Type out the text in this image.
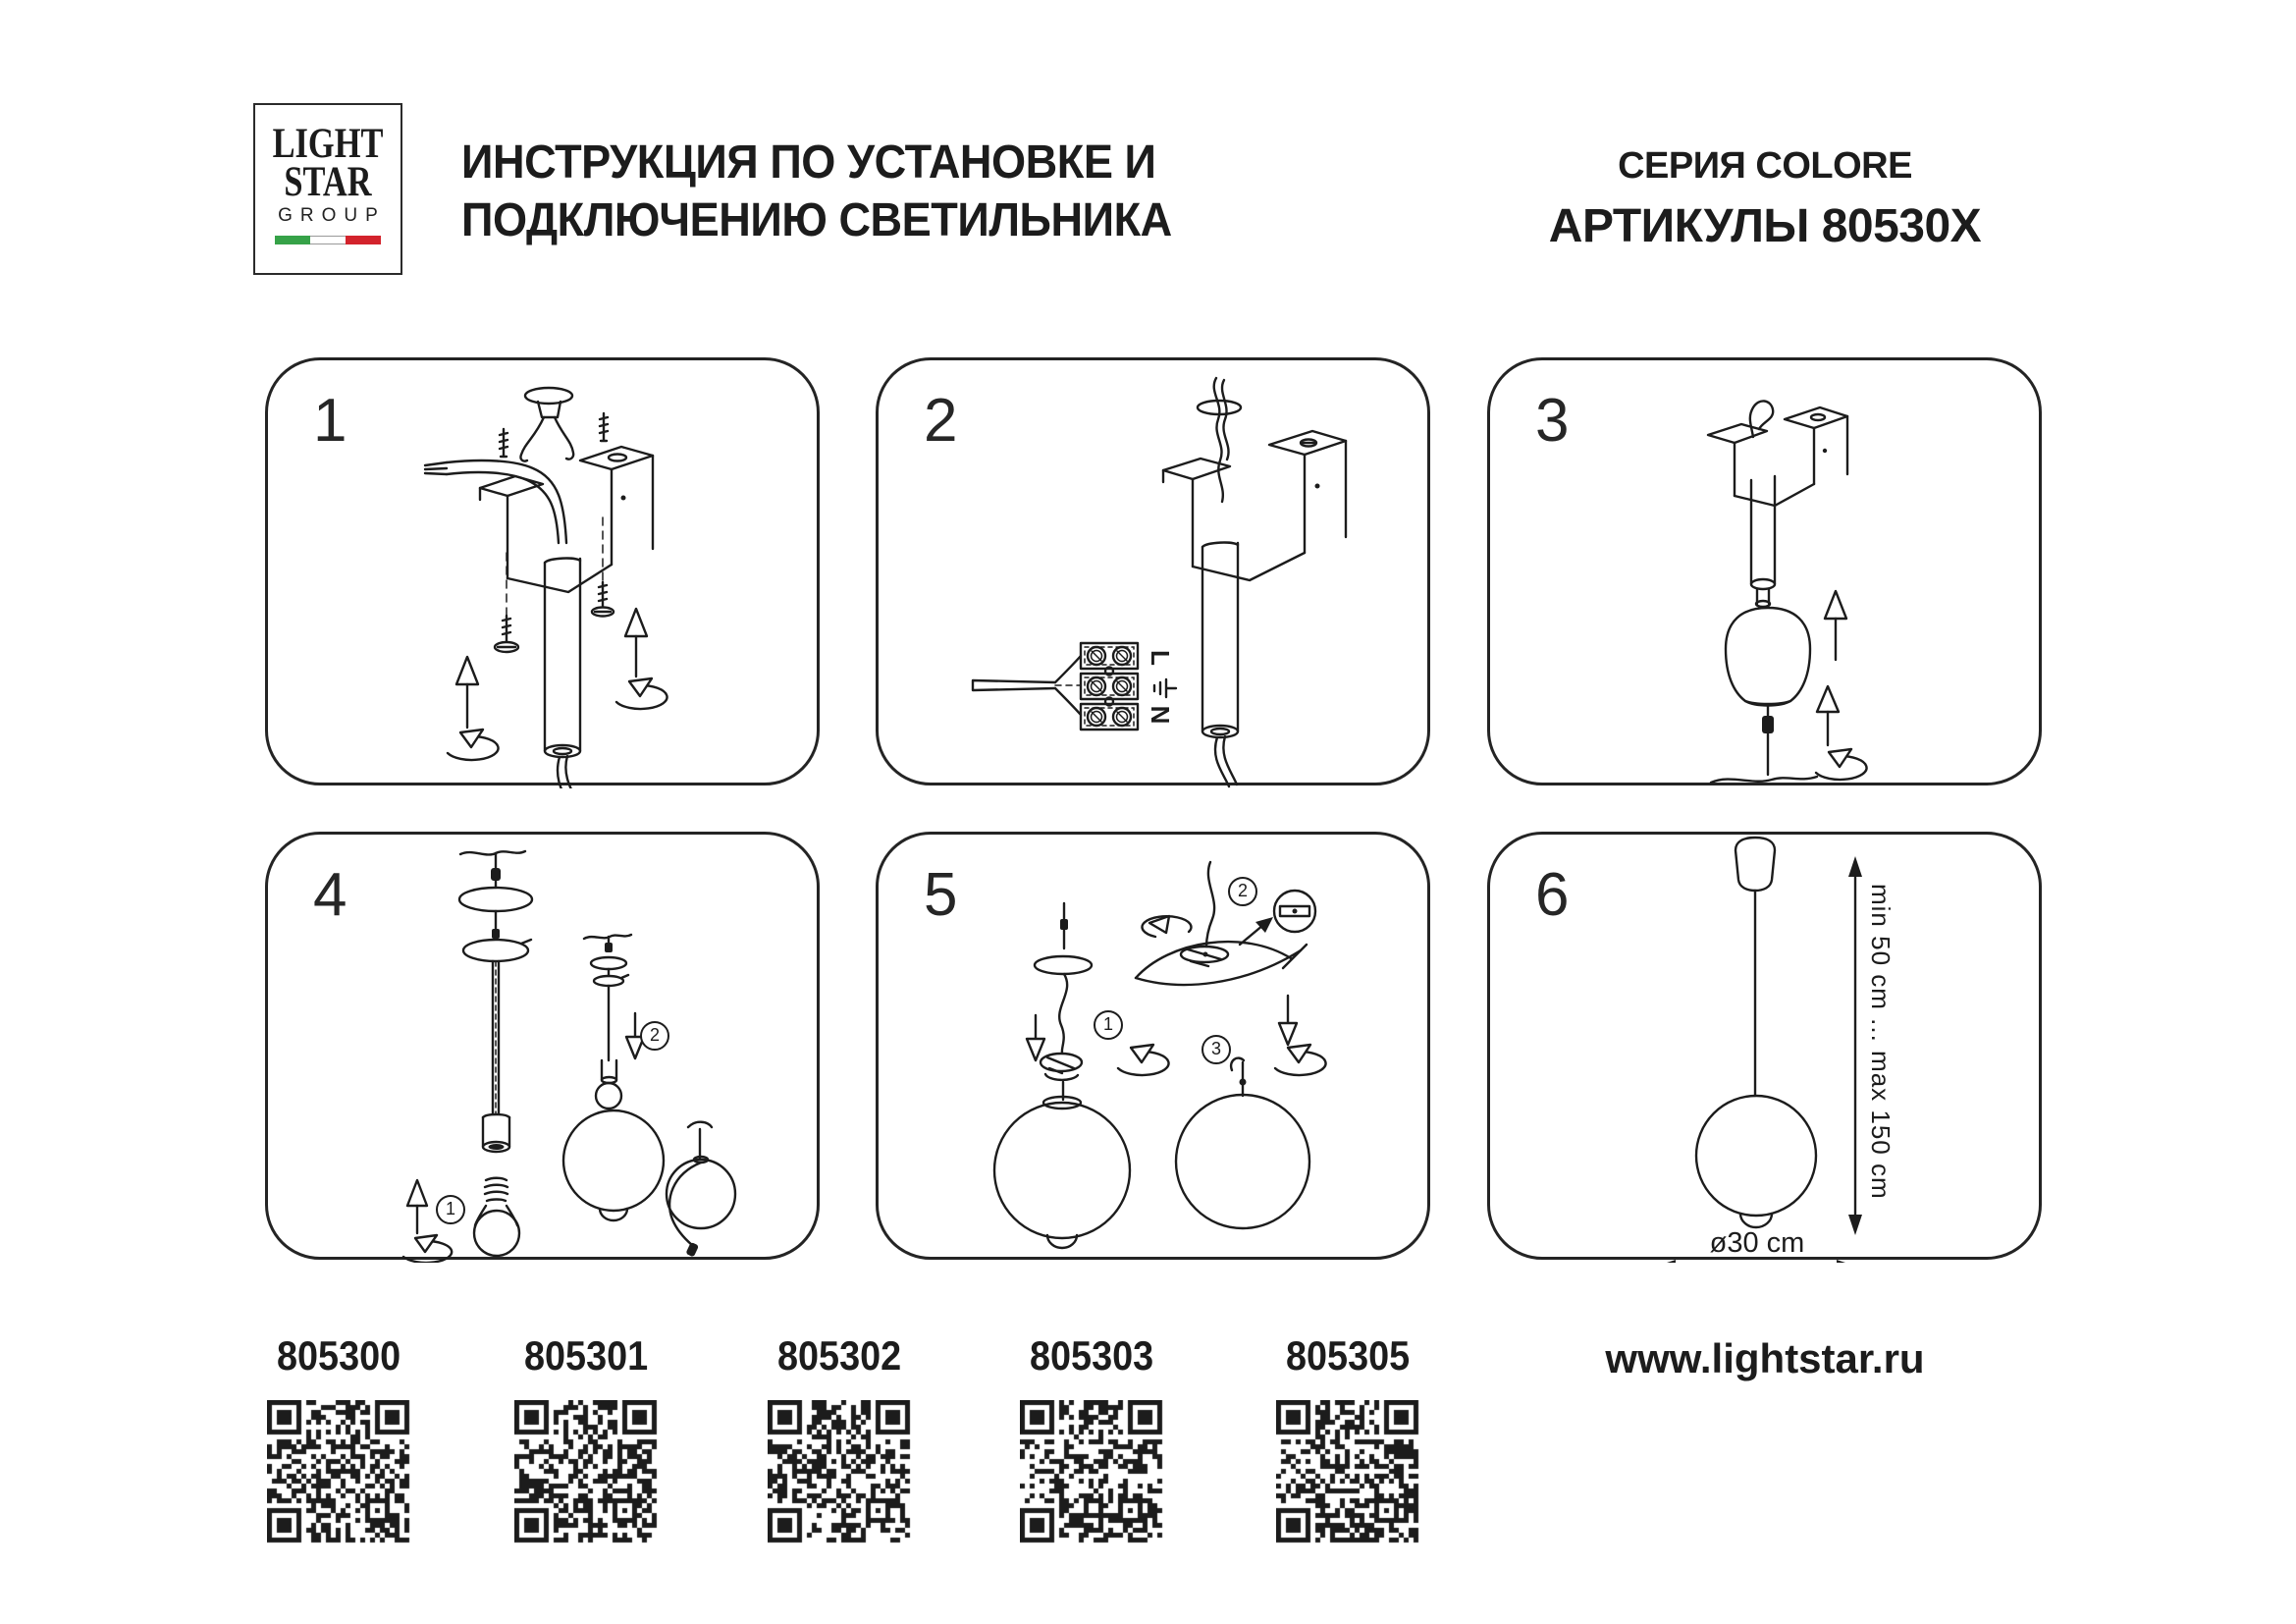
LIGHT
STAR
GROUP
ИНСТРУКЦИЯ ПО УСТАНОВКЕ И
ПОДКЛЮЧЕНИЮ СВЕТИЛЬНИКА
СЕРИЯ COLORE
АРТИКУЛЫ 80530X
1	2
L
N
3
4
1
2
5
1
2
3
6	min 50 cm ... max 150 cm
ø30 cm
805300	805301	805302	805303	805305	www.lightstar.ru
